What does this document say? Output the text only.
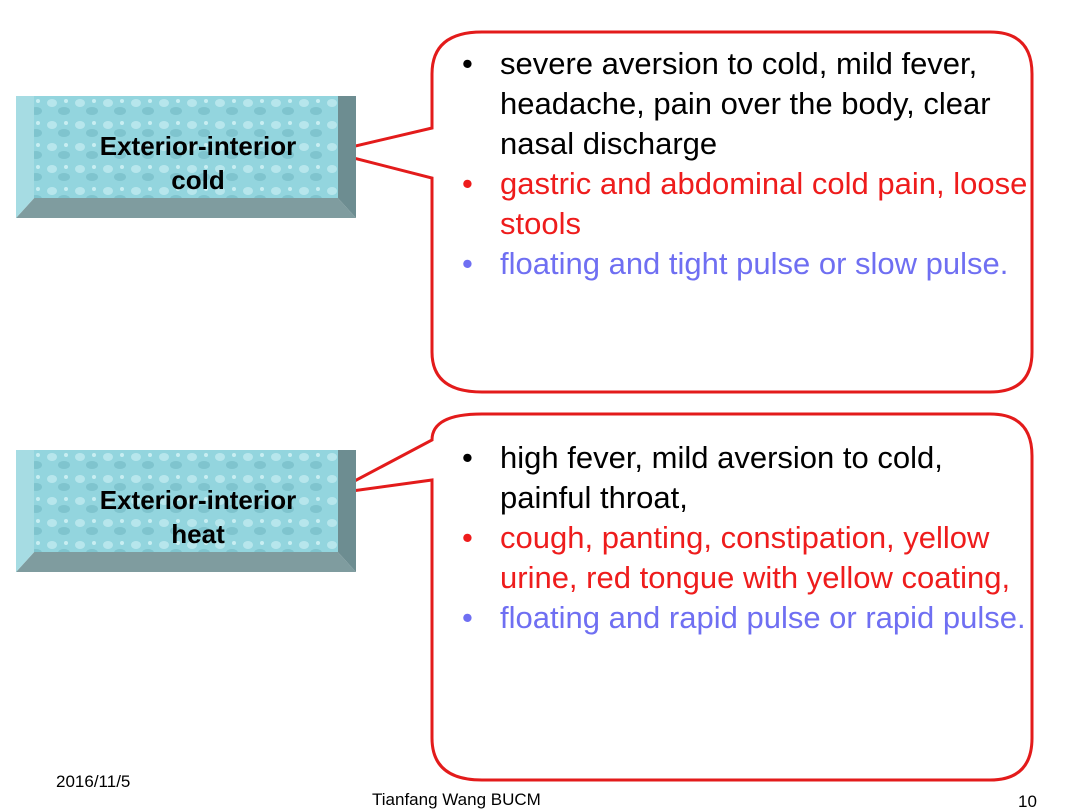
Exterior-interior
cold
Exterior-interior
heat
• severe aversion to cold, mild fever, headache, pain over the body, clear nasal discharge
• gastric and abdominal cold pain, loose stools
• floating and tight pulse or slow pulse.
• high fever, mild aversion to cold, painful throat,
• cough, panting, constipation, yellow urine, red tongue with yellow coating,
• floating and rapid pulse or rapid pulse.
2016/11/5
Tianfang Wang BUCM	10
